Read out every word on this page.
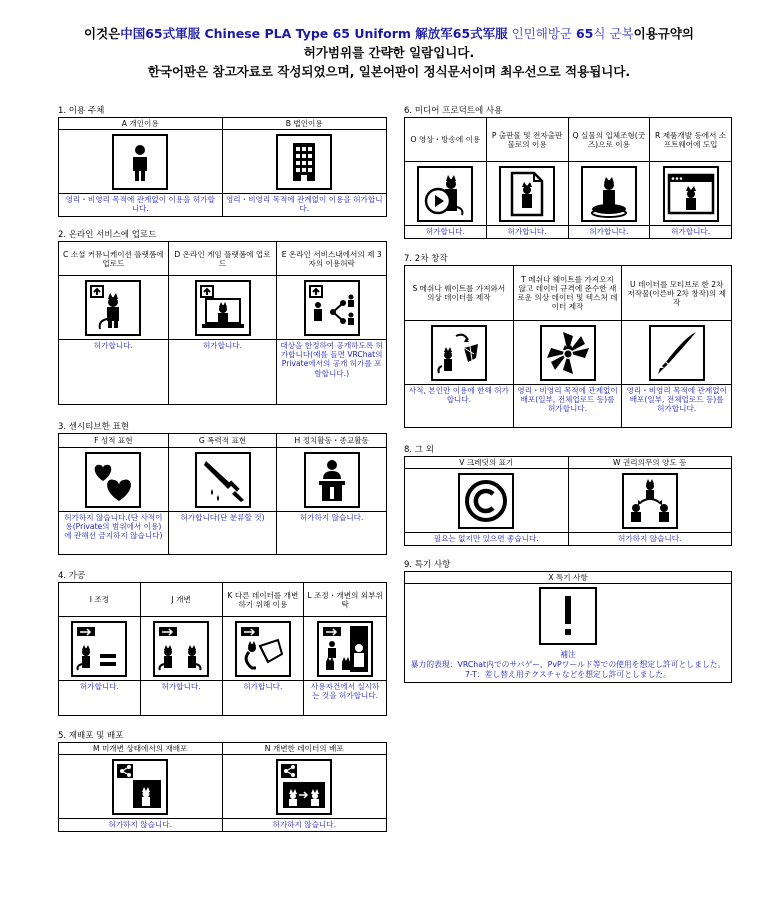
이것은中国65式軍服 Chinese PLA Type 65 Uniform 解放军65式军服 인민해방군 65식 군복이용규약의
허가범위를 간략한 일람입니다.
한국어판은 참고자료로 작성되었으며, 일본어판이 정식문서이며 최우선으로 적용됩니다.
1. 이용 주체
A 개인이용
영리・비영리 목적에 관계없이 이용을 허가합니다.
B 법인이용
영리・비영리 목적에 관계없이 이용을 허가합니다.
2. 온라인 서비스에 업로드
C 소셜 커뮤니케이션 플랫폼에 업로드
허가합니다.
D 온라인 게임 플랫폼에 업로드
허가합니다.
E 온라인 서비스내에서의 제 3자의 이용허락
대상을 한정하여 공개하도록 허가합니다(예를 들면 VRChat의 Private에서의 공개 허가를 포함합니다.)
3. 센시티브한 표현
F 성적 표현
허가하지 않습니다.(단 사적이용(Private의 범위에서 이용)에 관해선 금지하지 않습니다)
G 폭력적 표현
허가합니다(단 분류할 것)
H 정치활동・종교활동
허가하지 않습니다.
4. 가공
I 조정
허가합니다.
J 개변
허가합니다.
K 다른 데이터를 개변하기 위해 이용
허가합니다.
L 조정・개변의 외부위탁
사용자건에서 실시하는 것을 허가합니다.
5. 재배포 및 배포
M 미개변 상태에서의 재배포
허가하지 않습니다.
N 개변한 데이터의 배포
허가하지 않습니다.
6. 미디어 프로덕트에 사용
O 영상・방송에 이용
허가합니다.
P 출판물 및 전자출판물로의 이용
허가합니다.
Q 실물의 입체조형(굿즈)으로 이용
허가합니다.
R 제품개발 등에서 소프트웨어에 도입
허가합니다.
7. 2차 창작
S 메쉬나 웨이트를 가져와서 의상 데이터를 제작
사적, 본인만 이용에 한해 허가합니다.
T 메쉬나 웨이트를 가져오지 않고 데이터 규격에 준수한 새로운 의상 데이터 및 텍스처 데이터 제작
영리・비영리 목적에 관계없이 배포(일부, 전체업로드 등)를 허가합니다.
U 데이터를 모티브로 한 2차 저작물(이른바 2차 창작)의 제작
영리・비영리 목적에 관계없이 배포(일부, 전체업로드 등)를 허가합니다.
8. 그 외
V 크레딧의 표기
필요는 없지만 있으면 좋습니다.
W 권리의무의 양도 등
허가하지 않습니다.
9. 특기 사항
X 특기 사항
補注
暴力的表現：VRChat内でのサバゲー、PvPワールド等での使用を想定し許可としました。
7-T：差し替え用テクスチャなどを想定し許可としました。
